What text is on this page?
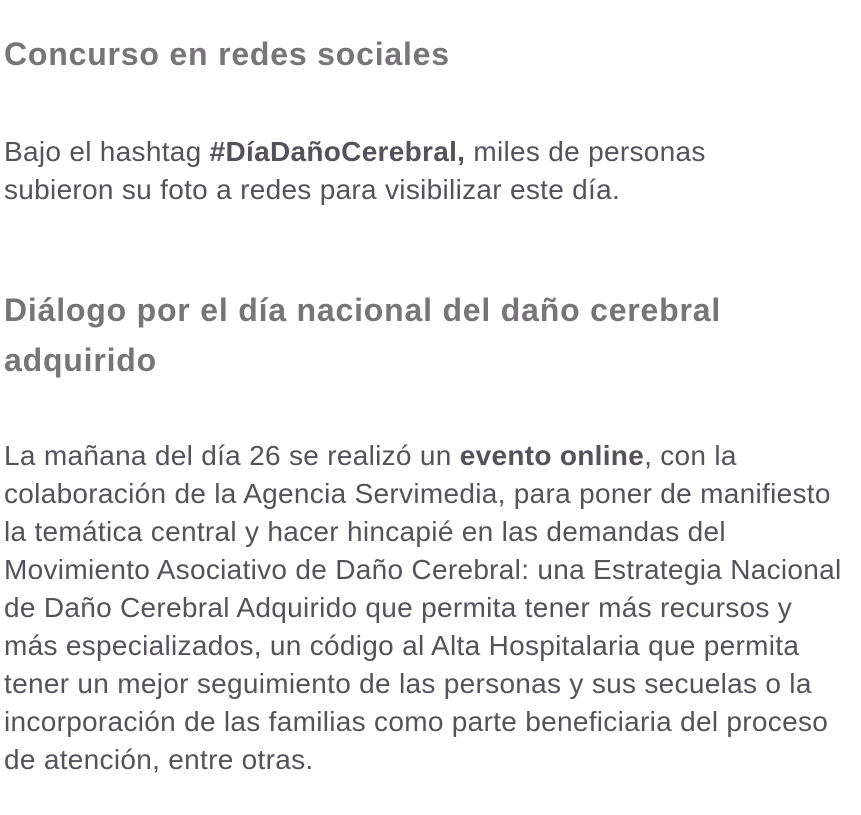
Concurso en redes sociales

Bajo el hashtag #DíaDañoCerebral, miles de personas subieron su foto a redes para visibilizar este día.

Diálogo por el día nacional del daño cerebral adquirido

La mañana del día 26 se realizó un evento online, con la colaboración de la Agencia Servimedia, para poner de manifiesto la temática central y hacer hincapié en las demandas del Movimiento Asociativo de Daño Cerebral: una Estrategia Nacional de Daño Cerebral Adquirido que permita tener más recursos y más especializados, un código al Alta Hospitalaria que permita tener un mejor seguimiento de las personas y sus secuelas o la incorporación de las familias como parte beneficiaria del proceso de atención, entre otras.
